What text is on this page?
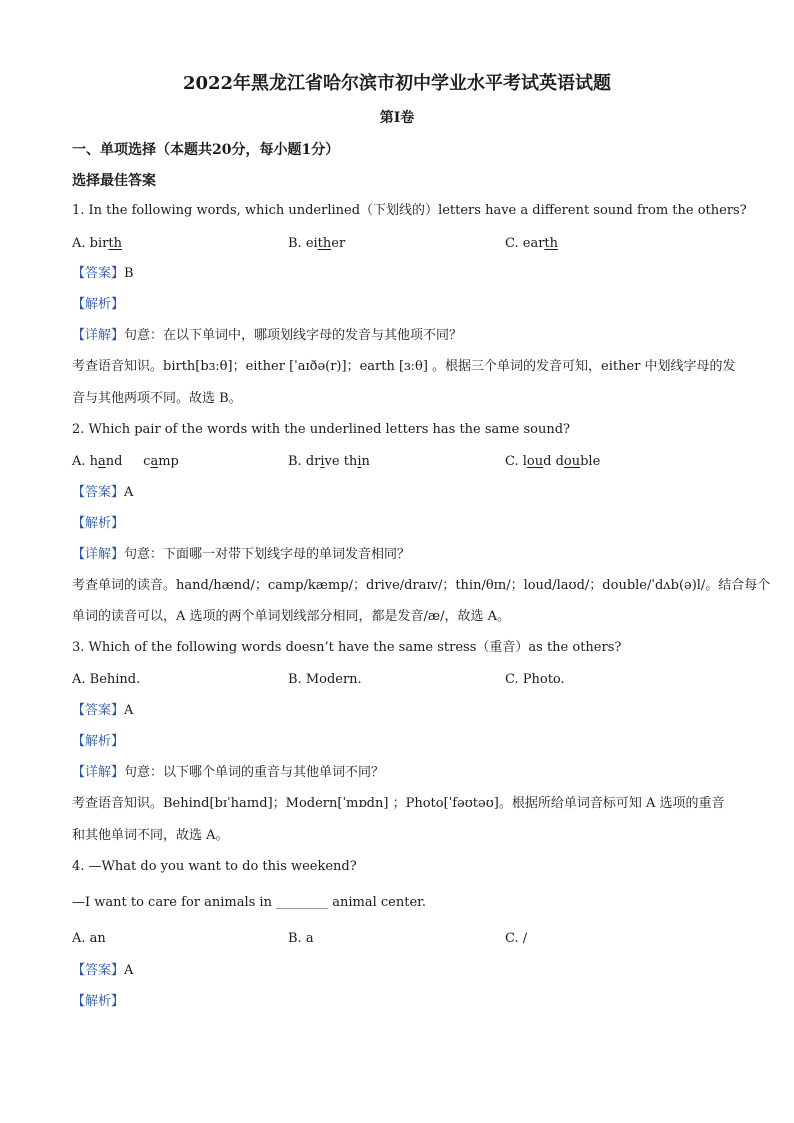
2022年黑龙江省哈尔滨市初中学业水平考试英语试题
第Ⅰ卷
一、单项选择（本题共20分，每小题1分）
选择最佳答案
1. In the following words, which underlined（下划线的）letters have a different sound from the others?
A. birth	B. either	C. earth
【答案】B
【解析】
【详解】句意：在以下单词中，哪项划线字母的发音与其他项不同？
考查语音知识。birth[bɜːθ]；either [ˈaɪðə(r)]；earth [ɜːθ] 。根据三个单词的发音可知，either 中划线字母的发
音与其他两项不同。故选 B。
2. Which pair of the words with the underlined letters has the same sound?
A. hand     camp	B. drive thin	C. loud double
【答案】A
【解析】
【详解】句意：下面哪一对带下划线字母的单词发音相同？
考查单词的读音。hand/hænd/；camp/kæmp/；drive/draɪv/；thin/θɪn/；loud/laʊd/；double/ˈdʌb(ə)l/。结合每个
单词的读音可以，A 选项的两个单词划线部分相同，都是发音/æ/，故选 A。
3. Which of the following words doesn’t have the same stress（重音）as the others?
A. Behind.	B. Modern.	C. Photo.
【答案】A
【解析】
【详解】句意：以下哪个单词的重音与其他单词不同？
考查语音知识。Behind[bɪˈhaɪnd]；Modern[ˈmɒdn] ；Photo[ˈfəʊtəʊ]。根据所给单词音标可知 A 选项的重音
和其他单词不同，故选 A。
4. —What do you want to do this weekend?
—I want to care for animals in ________ animal center.
A. an	B. a	C. /
【答案】A
【解析】
